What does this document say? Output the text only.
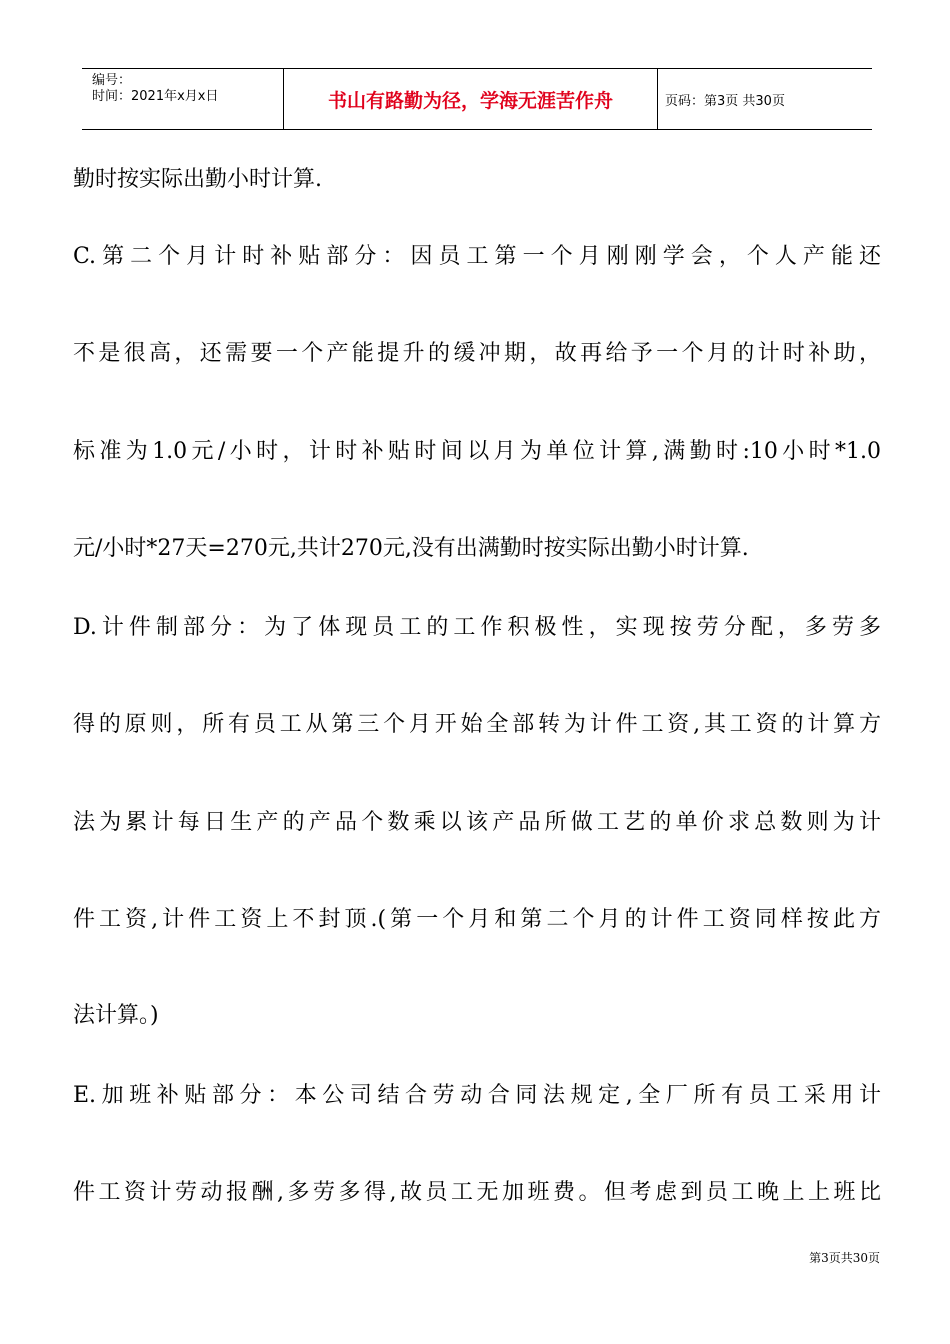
编号：
时间：2021年x月x日	书山有路勤为径，学海无涯苦作舟	页码：第3页 共30页
勤时按实际出勤小时计算.
C.第二个月计时补贴部分：因员工第一个月刚刚学会，个人产能还
不是很高，还需要一个产能提升的缓冲期，故再给予一个月的计时补助，
标准为1.0元/小时，计时补贴时间以月为单位计算,满勤时:10小时*1.0
元/小时*27天=270元,共计270元,没有出满勤时按实际出勤小时计算.
D.计件制部分：为了体现员工的工作积极性，实现按劳分配，多劳多
得的原则，所有员工从第三个月开始全部转为计件工资,其工资的计算方
法为累计每日生产的产品个数乘以该产品所做工艺的单价求总数则为计
件工资,计件工资上不封顶.(第一个月和第二个月的计件工资同样按此方
法计算。)
E.加班补贴部分：本公司结合劳动合同法规定,全厂所有员工采用计
件工资计劳动报酬,多劳多得,故员工无加班费。但考虑到员工晚上上班比
第3页共30页
